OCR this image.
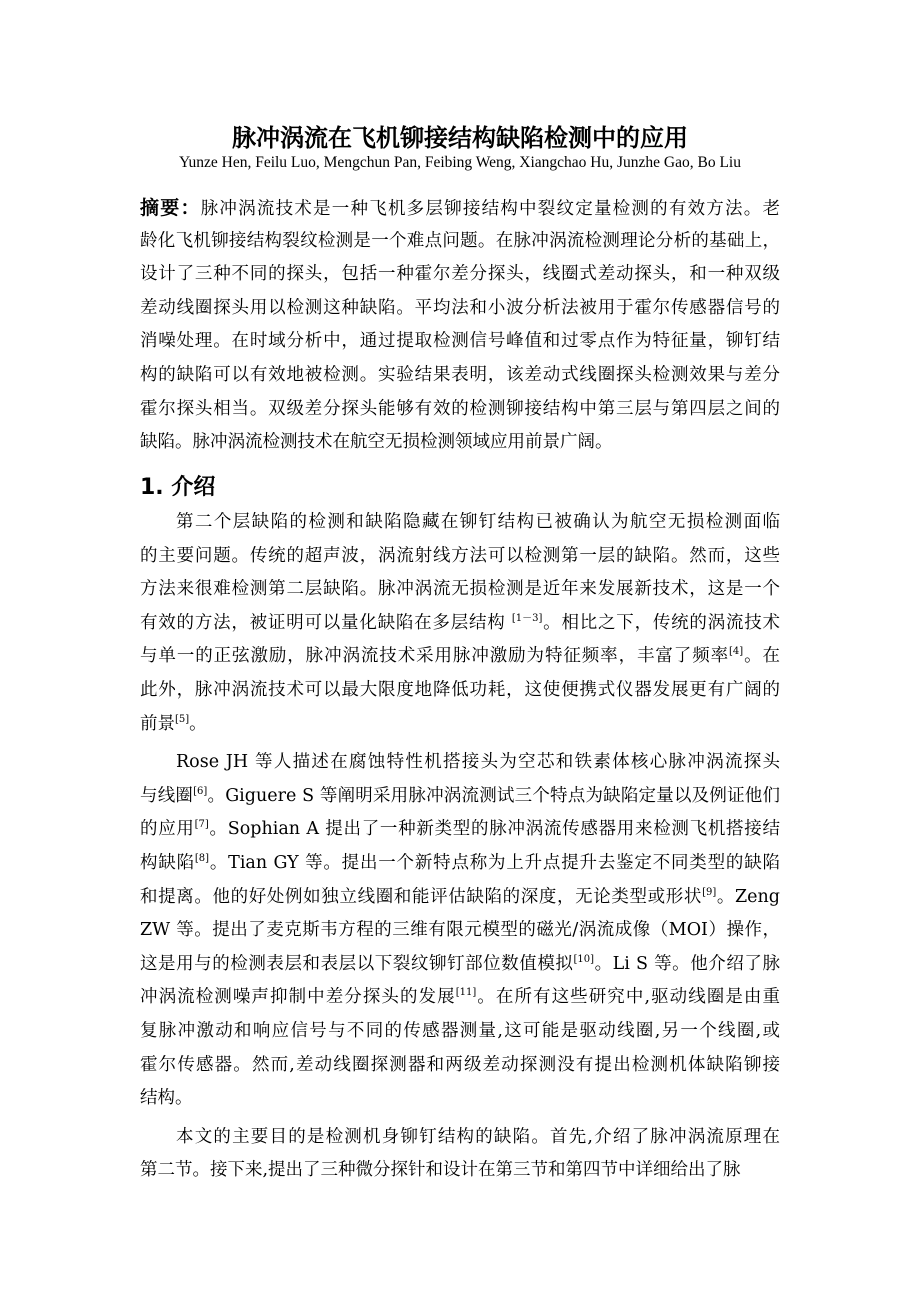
脉冲涡流在飞机铆接结构缺陷检测中的应用
Yunze Hen, Feilu Luo, Mengchun Pan, Feibing Weng, Xiangchao Hu, Junzhe Gao, Bo Liu
摘要：脉冲涡流技术是一种飞机多层铆接结构中裂纹定量检测的有效方法。老
龄化飞机铆接结构裂纹检测是一个难点问题。在脉冲涡流检测理论分析的基础上，
设计了三种不同的探头，包括一种霍尔差分探头，线圈式差动探头，和一种双级
差动线圈探头用以检测这种缺陷。平均法和小波分析法被用于霍尔传感器信号的
消噪处理。在时域分析中，通过提取检测信号峰值和过零点作为特征量，铆钉结
构的缺陷可以有效地被检测。实验结果表明，该差动式线圈探头检测效果与差分
霍尔探头相当。双级差分探头能够有效的检测铆接结构中第三层与第四层之间的
缺陷。脉冲涡流检测技术在航空无损检测领域应用前景广阔。
1. 介绍
第二个层缺陷的检测和缺陷隐藏在铆钉结构已被确认为航空无损检测面临
的主要问题。传统的超声波，涡流射线方法可以检测第一层的缺陷。然而，这些
方法来很难检测第二层缺陷。脉冲涡流无损检测是近年来发展新技术，这是一个
有效的方法，被证明可以量化缺陷在多层结构 [1－3]。相比之下，传统的涡流技术
与单一的正弦激励，脉冲涡流技术采用脉冲激励为特征频率，丰富了频率[4]。在
此外，脉冲涡流技术可以最大限度地降低功耗，这使便携式仪器发展更有广阔的
前景[5]。
Rose JH 等人描述在腐蚀特性机搭接头为空芯和铁素体核心脉冲涡流探头
与线圈[6]。Giguere S 等阐明采用脉冲涡流测试三个特点为缺陷定量以及例证他们
的应用[7]。Sophian A 提出了一种新类型的脉冲涡流传感器用来检测飞机搭接结
构缺陷[8]。Tian GY 等。提出一个新特点称为上升点提升去鉴定不同类型的缺陷
和提离。他的好处例如独立线圈和能评估缺陷的深度，无论类型或形状[9]。Zeng
ZW 等。提出了麦克斯韦方程的三维有限元模型的磁光/涡流成像（MOI）操作，
这是用与的检测表层和表层以下裂纹铆钉部位数值模拟[10]。Li S 等。他介绍了脉
冲涡流检测噪声抑制中差分探头的发展[11]。在所有这些研究中,驱动线圈是由重
复脉冲激动和响应信号与不同的传感器测量,这可能是驱动线圈,另一个线圈,或
霍尔传感器。然而,差动线圈探测器和两级差动探测没有提出检测机体缺陷铆接
结构。
本文的主要目的是检测机身铆钉结构的缺陷。首先,介绍了脉冲涡流原理在
第二节。接下来,提出了三种微分探针和设计在第三节和第四节中详细给出了脉
